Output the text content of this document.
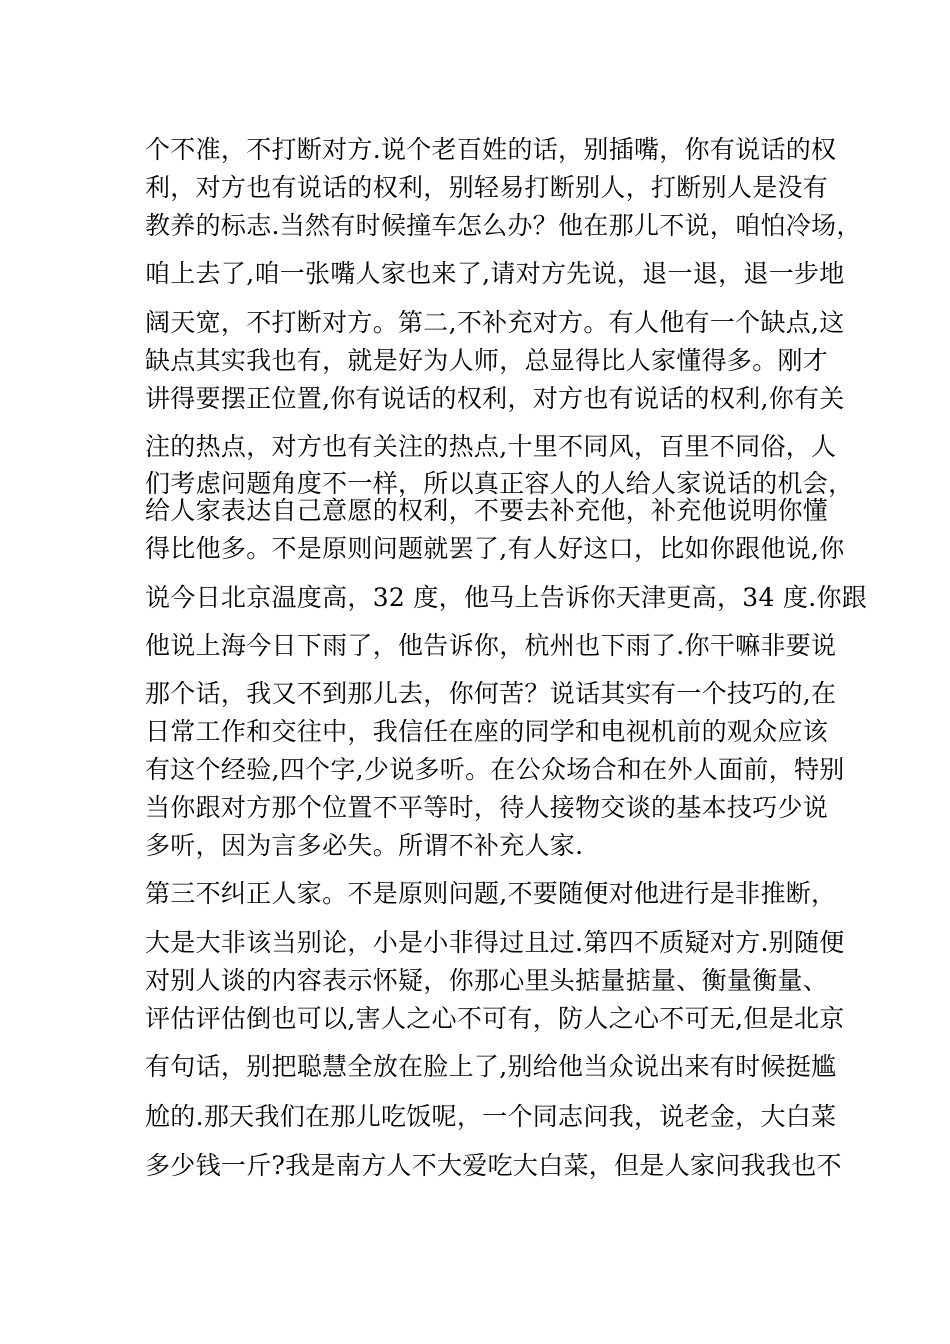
个不准，不打断对方.说个老百姓的话，别插嘴，你有说话的权
利，对方也有说话的权利，别轻易打断别人，打断别人是没有
教养的标志.当然有时候撞车怎么办？他在那儿不说，咱怕冷场，
咱上去了,咱一张嘴人家也来了,请对方先说，退一退，退一步地
阔天宽，不打断对方。第二,不补充对方。有人他有一个缺点,这
缺点其实我也有，就是好为人师，总显得比人家懂得多。刚才
讲得要摆正位置,你有说话的权利，对方也有说话的权利,你有关
注的热点，对方也有关注的热点,十里不同风，百里不同俗，人
们考虑问题角度不一样，所以真正容人的人给人家说话的机会，
给人家表达自己意愿的权利，不要去补充他，补充他说明你懂
得比他多。不是原则问题就罢了,有人好这口，比如你跟他说,你
说今日北京温度高，32 度，他马上告诉你天津更高，34 度.你跟
他说上海今日下雨了，他告诉你，杭州也下雨了.你干嘛非要说
那个话，我又不到那儿去，你何苦？说话其实有一个技巧的,在
日常工作和交往中，我信任在座的同学和电视机前的观众应该
有这个经验,四个字,少说多听。在公众场合和在外人面前，特别
当你跟对方那个位置不平等时，待人接物交谈的基本技巧少说
多听，因为言多必失。所谓不补充人家.
第三不纠正人家。不是原则问题,不要随便对他进行是非推断，
大是大非该当别论，小是小非得过且过.第四不质疑对方.别随便
对别人谈的内容表示怀疑，你那心里头掂量掂量、衡量衡量、
评估评估倒也可以,害人之心不可有，防人之心不可无,但是北京
有句话，别把聪慧全放在脸上了,别给他当众说出来有时候挺尴
尬的.那天我们在那儿吃饭呢，一个同志问我，说老金，大白菜
多少钱一斤?我是南方人不大爱吃大白菜，但是人家问我我也不
